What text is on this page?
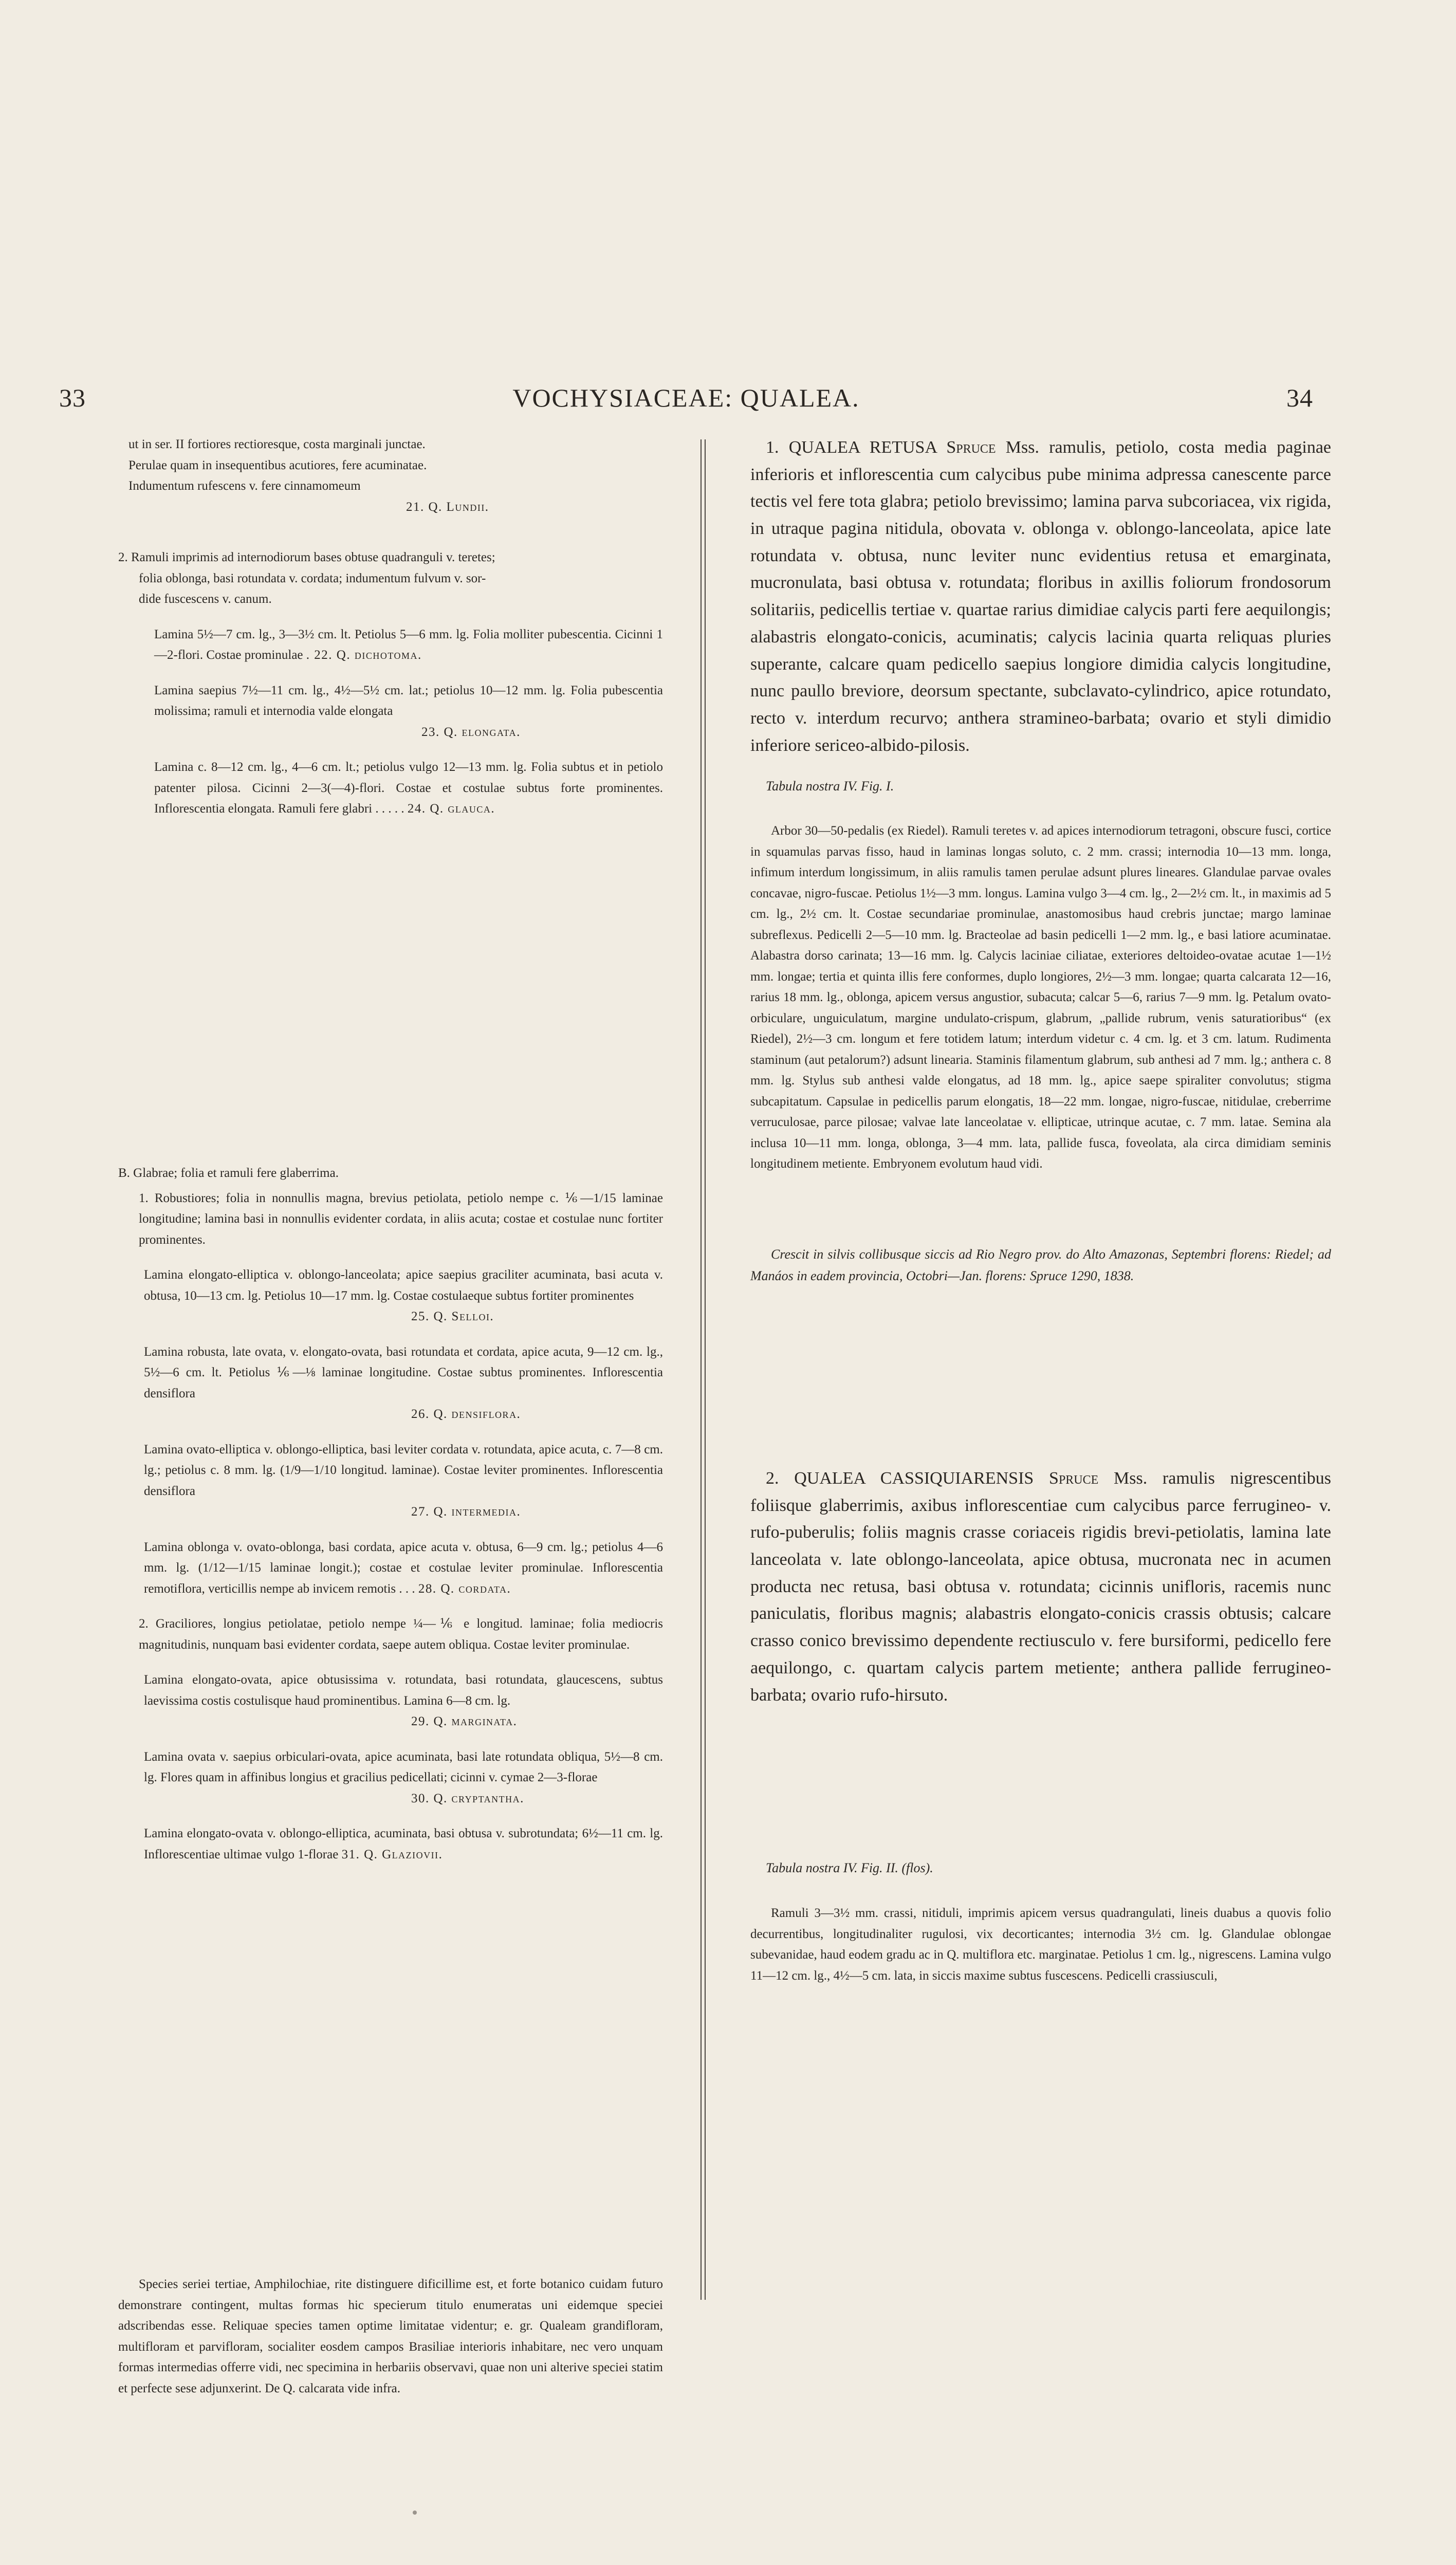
33	VOCHYSIACEAE: QUALEA.	34

ut in ser. II fortiores rectioresque, costa marginali junctae.

Perulae quam in insequentibus acutiores, fere acuminatae.

Indumentum rufescens v. fere cinnamomeum

21. Q. Lundii.

2. Ramuli imprimis ad internodiorum bases obtuse quadranguli v. teretes;

folia oblonga, basi rotundata v. cordata; indumentum fulvum v. sor-

dide fuscescens v. canum.

Lamina 5½—7 cm. lg., 3—3½ cm. lt. Petiolus 5—6 mm. lg. Folia molliter pubescentia. Cicinni 1—2-flori. Costae prominulae . 22. Q. dichotoma.
Lamina saepius 7½—11 cm. lg., 4½—5½ cm. lat.; petiolus 10—12 mm. lg. Folia pubescentia molissima; ramuli et internodia valde elongata

23. Q. elongata.

Lamina c. 8—12 cm. lg., 4—6 cm. lt.; petiolus vulgo 12—13 mm. lg. Folia subtus et in petiolo patenter pilosa. Cicinni 2—3(—4)-flori. Costae et costulae subtus forte prominentes. Inflorescentia elongata. Ramuli fere glabri . . . . . 24. Q. glauca.

B. Glabrae; folia et ramuli fere glaberrima.

1. Robustiores; folia in nonnullis magna, brevius petiolata, petiolo nempe c. ⅙—1/15 laminae longitudine; lamina basi in nonnullis evidenter cordata, in aliis acuta; costae et costulae nunc fortiter prominentes.

Lamina elongato-elliptica v. oblongo-lanceolata; apice saepius graciliter acuminata, basi acuta v. obtusa, 10—13 cm. lg. Petiolus 10—17 mm. lg. Costae costulaeque subtus fortiter prominentes

25. Q. Selloi.

Lamina robusta, late ovata, v. elongato-ovata, basi rotundata et cordata, apice acuta, 9—12 cm. lg., 5½—6 cm. lt. Petiolus ⅙—⅛ laminae longitudine. Costae subtus prominentes. Inflorescentia densiflora

26. Q. densiflora.

Lamina ovato-elliptica v. oblongo-elliptica, basi leviter cordata v. rotundata, apice acuta, c. 7—8 cm. lg.; petiolus c. 8 mm. lg. (1/9—1/10 longitud. laminae). Costae leviter prominentes. Inflorescentia densiflora

27. Q. intermedia.

Lamina oblonga v. ovato-oblonga, basi cordata, apice acuta v. obtusa, 6—9 cm. lg.; petiolus 4—6 mm. lg. (1/12—1/15 laminae longit.); costae et costulae leviter prominulae. Inflorescentia remotiflora, verticillis nempe ab invicem remotis . . . 28. Q. cordata.

2. Graciliores, longius petiolatae, petiolo nempe ¼—⅙ e longitud. laminae; folia mediocris magnitudinis, nunquam basi evidenter cordata, saepe autem obliqua. Costae leviter prominulae.

Lamina elongato-ovata, apice obtusissima v. rotundata, basi rotundata, glaucescens, subtus laevissima costis costulisque haud prominentibus. Lamina 6—8 cm. lg.

29. Q. marginata.

Lamina ovata v. saepius orbiculari-ovata, apice acuminata, basi late rotundata obliqua, 5½—8 cm. lg. Flores quam in affinibus longius et gracilius pedicellati; cicinni v. cymae 2—3-florae

30. Q. cryptantha.

Lamina elongato-ovata v. oblongo-elliptica, acuminata, basi obtusa v. subrotundata; 6½—11 cm. lg. Inflorescentiae ultimae vulgo 1-florae 31. Q. Glaziovii.

Species seriei tertiae, Amphilochiae, rite distinguere dificillime est, et forte botanico cuidam futuro demonstrare contingent, multas formas hic specierum titulo enumeratas uni eidemque speciei adscribendas esse. Reliquae species tamen optime limitatae videntur; e. gr. Qualeam grandifloram, multifloram et parvifloram, socialiter eosdem campos Brasiliae interioris inhabitare, nec vero unquam formas intermedias offerre vidi, nec specimina in herbariis observavi, quae non uni alterive speciei statim et perfecte sese adjunxerint. De Q. calcarata vide infra.

1. QUALEA RETUSA Spruce Mss. ramulis, petiolo, costa media paginae inferioris et inflorescentia cum calycibus pube minima adpressa canescente parce tectis vel fere tota glabra; petiolo brevissimo; lamina parva subcoriacea, vix rigida, in utraque pagina nitidula, obovata v. oblonga v. oblongo-lanceolata, apice late rotundata v. obtusa, nunc leviter nunc evidentius retusa et emarginata, mucronulata, basi obtusa v. rotundata; floribus in axillis foliorum frondosorum solitariis, pedicellis tertiae v. quartae rarius dimidiae calycis parti fere aequilongis; alabastris elongato-conicis, acuminatis; calycis lacinia quarta reliquas pluries superante, calcare quam pedicello saepius longiore dimidia calycis longitudine, nunc paullo breviore, deorsum spectante, subclavato-cylindrico, apice rotundato, recto v. interdum recurvo; anthera stramineo-barbata; ovario et styli dimidio inferiore sericeo-albido-pilosis.

Tabula nostra IV. Fig. I.

Arbor 30—50-pedalis (ex Riedel). Ramuli teretes v. ad apices internodiorum tetragoni, obscure fusci, cortice in squamulas parvas fisso, haud in laminas longas soluto, c. 2 mm. crassi; internodia 10—13 mm. longa, infimum interdum longissimum, in aliis ramulis tamen perulae adsunt plures lineares. Glandulae parvae ovales concavae, nigro-fuscae. Petiolus 1½—3 mm. longus. Lamina vulgo 3—4 cm. lg., 2—2½ cm. lt., in maximis ad 5 cm. lg., 2½ cm. lt. Costae secundariae prominulae, anastomosibus haud crebris junctae; margo laminae subreflexus. Pedicelli 2—5—10 mm. lg. Bracteolae ad basin pedicelli 1—2 mm. lg., e basi latiore acuminatae. Alabastra dorso carinata; 13—16 mm. lg. Calycis laciniae ciliatae, exteriores deltoideo-ovatae acutae 1—1½ mm. longae; tertia et quinta illis fere conformes, duplo longiores, 2½—3 mm. longae; quarta calcarata 12—16, rarius 18 mm. lg., oblonga, apicem versus angustior, subacuta; calcar 5—6, rarius 7—9 mm. lg. Petalum ovato-orbiculare, unguiculatum, margine undulato-crispum, glabrum, „pallide rubrum, venis saturatioribus“ (ex Riedel), 2½—3 cm. longum et fere totidem latum; interdum videtur c. 4 cm. lg. et 3 cm. latum. Rudimenta staminum (aut petalorum?) adsunt linearia. Staminis filamentum glabrum, sub anthesi ad 7 mm. lg.; anthera c. 8 mm. lg. Stylus sub anthesi valde elongatus, ad 18 mm. lg., apice saepe spiraliter convolutus; stigma subcapitatum. Capsulae in pedicellis parum elongatis, 18—22 mm. longae, nigro-fuscae, nitidulae, creberrime verruculosae, parce pilosae; valvae late lanceolatae v. ellipticae, utrinque acutae, c. 7 mm. latae. Semina ala inclusa 10—11 mm. longa, oblonga, 3—4 mm. lata, pallide fusca, foveolata, ala circa dimidiam seminis longitudinem metiente. Embryonem evolutum haud vidi.

Crescit in silvis collibusque siccis ad Rio Negro prov. do Alto Amazonas, Septembri florens: Riedel; ad Manáos in eadem provincia, Octobri—Jan. florens: Spruce 1290, 1838.

2. QUALEA CASSIQUIARENSIS Spruce Mss. ramulis nigrescentibus foliisque glaberrimis, axibus inflorescentiae cum calycibus parce ferrugineo- v. rufo-puberulis; foliis magnis crasse coriaceis rigidis brevi-petiolatis, lamina late lanceolata v. late oblongo-lanceolata, apice obtusa, mucronata nec in acumen producta nec retusa, basi obtusa v. rotundata; cicinnis unifloris, racemis nunc paniculatis, floribus magnis; alabastris elongato-conicis crassis obtusis; calcare crasso conico brevissimo dependente rectiusculo v. fere bursiformi, pedicello fere aequilongo, c. quartam calycis partem metiente; anthera pallide ferrugineo-barbata; ovario rufo-hirsuto.

Tabula nostra IV. Fig. II. (flos).

Ramuli 3—3½ mm. crassi, nitiduli, imprimis apicem versus quadrangulati, lineis duabus a quovis folio decurrentibus, longitudinaliter rugulosi, vix decorticantes; internodia 3½ cm. lg. Glandulae oblongae subevanidae, haud eodem gradu ac in Q. multiflora etc. marginatae. Petiolus 1 cm. lg., nigrescens. Lamina vulgo 11—12 cm. lg., 4½—5 cm. lata, in siccis maxime subtus fuscescens. Pedicelli crassiusculi,
